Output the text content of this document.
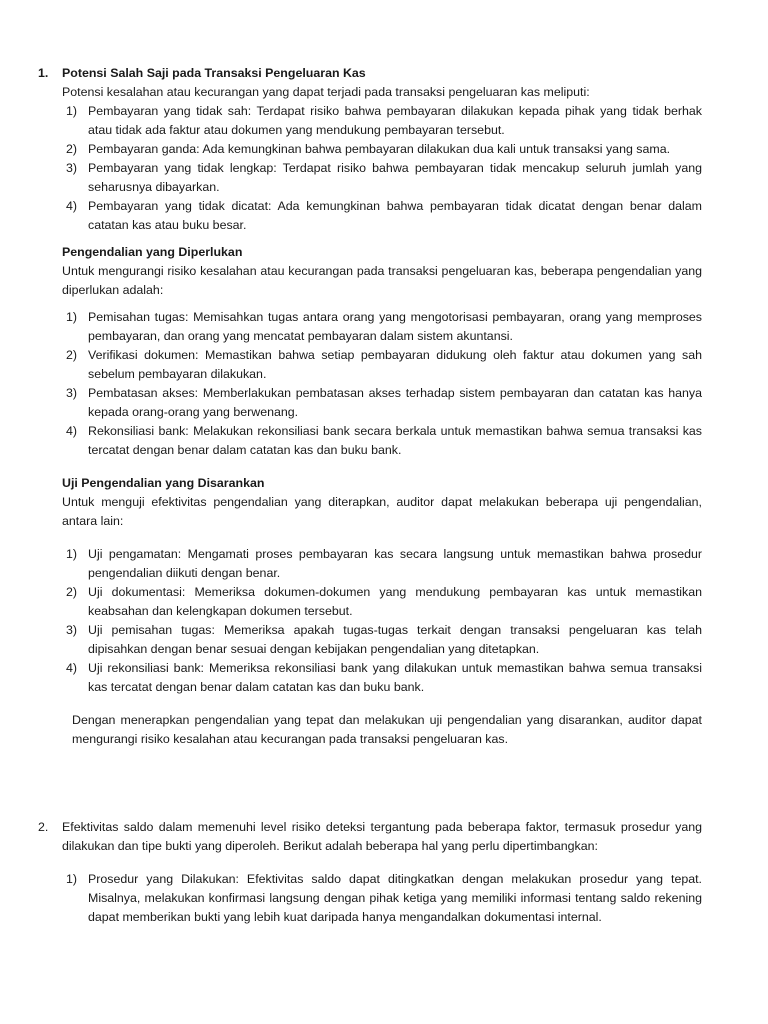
1.	Potensi Salah Saji pada Transaksi Pengeluaran Kas
Potensi kesalahan atau kecurangan yang dapat terjadi pada transaksi pengeluaran kas meliputi:
1) Pembayaran yang tidak sah: Terdapat risiko bahwa pembayaran dilakukan kepada pihak yang tidak berhak atau tidak ada faktur atau dokumen yang mendukung pembayaran tersebut.
2) Pembayaran ganda: Ada kemungkinan bahwa pembayaran dilakukan dua kali untuk transaksi yang sama.
3) Pembayaran yang tidak lengkap: Terdapat risiko bahwa pembayaran tidak mencakup seluruh jumlah yang seharusnya dibayarkan.
4) Pembayaran yang tidak dicatat: Ada kemungkinan bahwa pembayaran tidak dicatat dengan benar dalam catatan kas atau buku besar.
Pengendalian yang Diperlukan
Untuk mengurangi risiko kesalahan atau kecurangan pada transaksi pengeluaran kas, beberapa pengendalian yang diperlukan adalah:
1) Pemisahan tugas: Memisahkan tugas antara orang yang mengotorisasi pembayaran, orang yang memproses pembayaran, dan orang yang mencatat pembayaran dalam sistem akuntansi.
2) Verifikasi dokumen: Memastikan bahwa setiap pembayaran didukung oleh faktur atau dokumen yang sah sebelum pembayaran dilakukan.
3) Pembatasan akses: Memberlakukan pembatasan akses terhadap sistem pembayaran dan catatan kas hanya kepada orang-orang yang berwenang.
4) Rekonsiliasi bank: Melakukan rekonsiliasi bank secara berkala untuk memastikan bahwa semua transaksi kas tercatat dengan benar dalam catatan kas dan buku bank.
Uji Pengendalian yang Disarankan
Untuk menguji efektivitas pengendalian yang diterapkan, auditor dapat melakukan beberapa uji pengendalian, antara lain:
1) Uji pengamatan: Mengamati proses pembayaran kas secara langsung untuk memastikan bahwa prosedur pengendalian diikuti dengan benar.
2) Uji dokumentasi: Memeriksa dokumen-dokumen yang mendukung pembayaran kas untuk memastikan keabsahan dan kelengkapan dokumen tersebut.
3) Uji pemisahan tugas: Memeriksa apakah tugas-tugas terkait dengan transaksi pengeluaran kas telah dipisahkan dengan benar sesuai dengan kebijakan pengendalian yang ditetapkan.
4) Uji rekonsiliasi bank: Memeriksa rekonsiliasi bank yang dilakukan untuk memastikan bahwa semua transaksi kas tercatat dengan benar dalam catatan kas dan buku bank.
Dengan menerapkan pengendalian yang tepat dan melakukan uji pengendalian yang disarankan, auditor dapat mengurangi risiko kesalahan atau kecurangan pada transaksi pengeluaran kas.
2.	Efektivitas saldo dalam memenuhi level risiko deteksi tergantung pada beberapa faktor, termasuk prosedur yang dilakukan dan tipe bukti yang diperoleh. Berikut adalah beberapa hal yang perlu dipertimbangkan:
1) Prosedur yang Dilakukan: Efektivitas saldo dapat ditingkatkan dengan melakukan prosedur yang tepat. Misalnya, melakukan konfirmasi langsung dengan pihak ketiga yang memiliki informasi tentang saldo rekening dapat memberikan bukti yang lebih kuat daripada hanya mengandalkan dokumentasi internal.
